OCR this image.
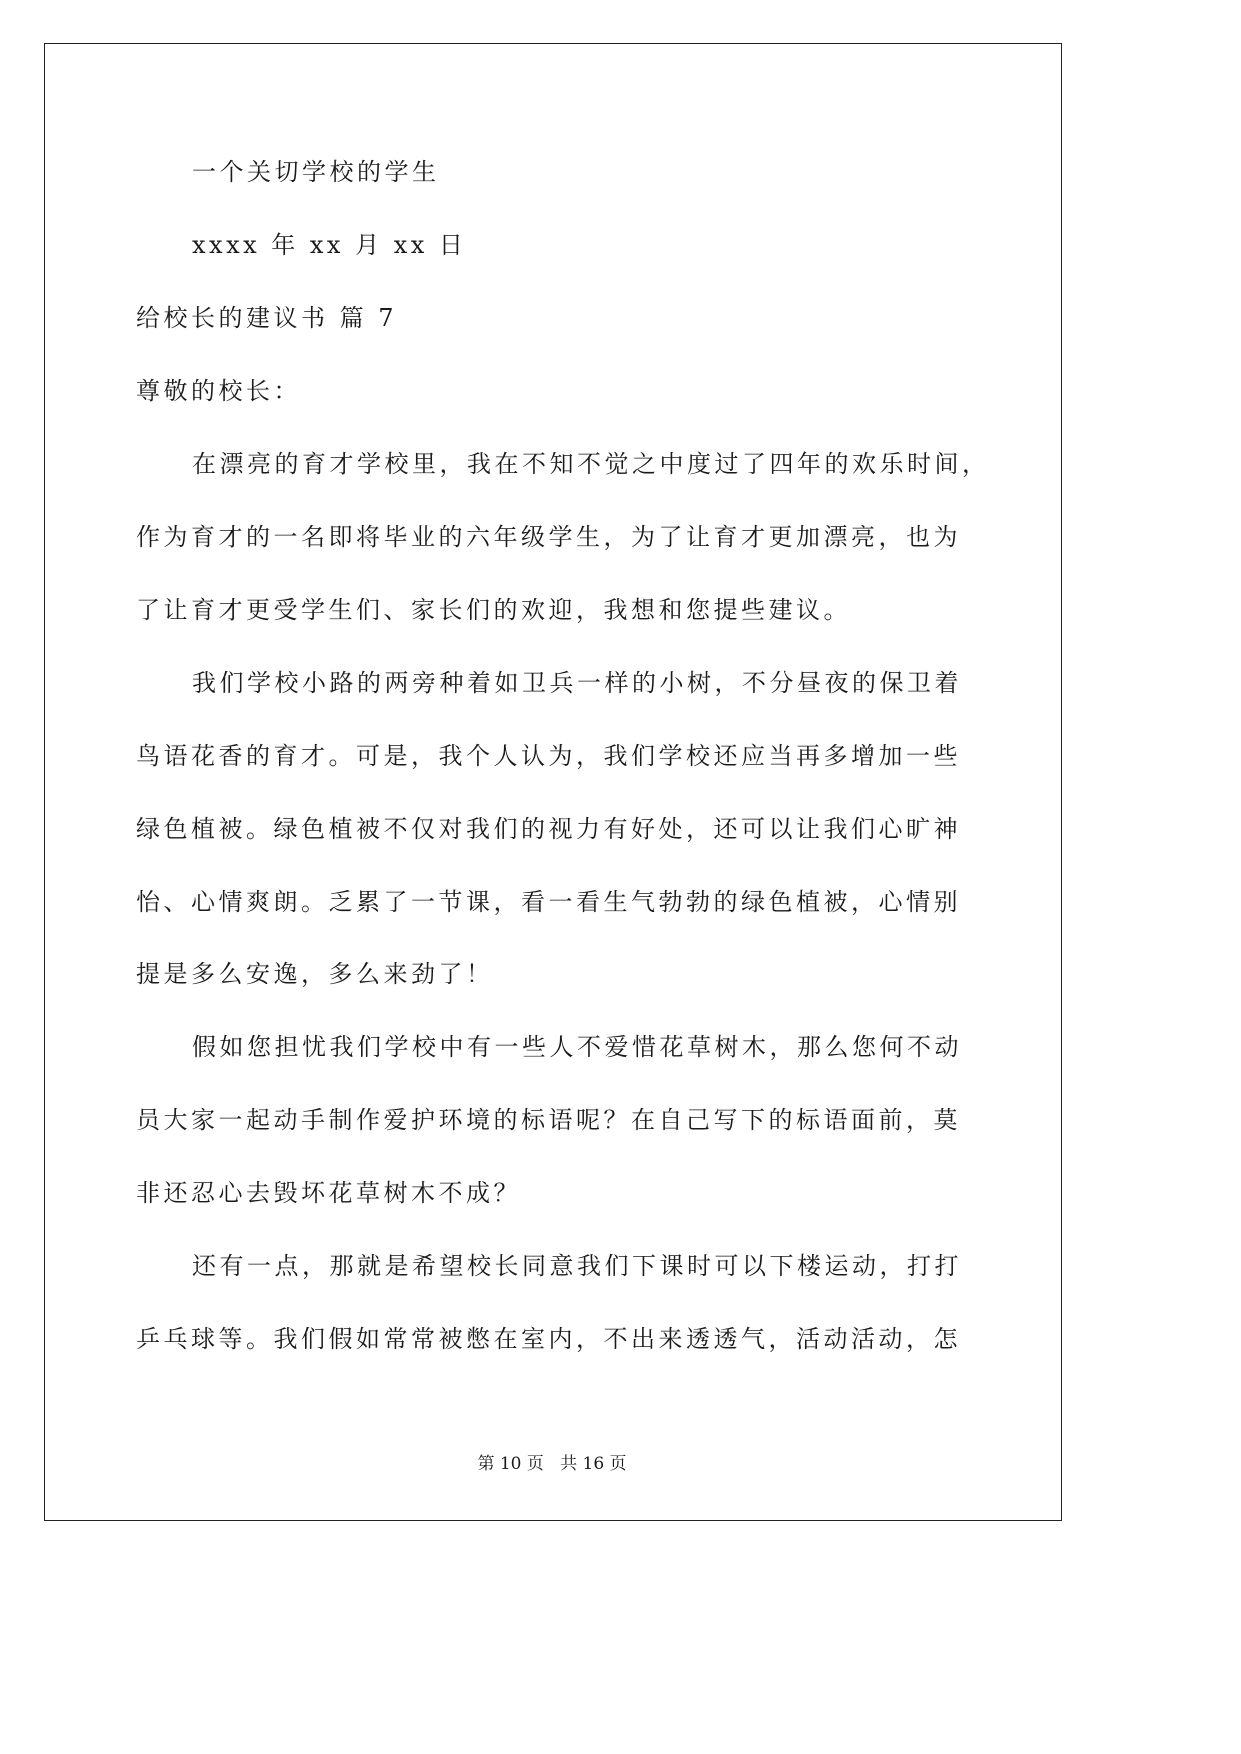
一个关切学校的学生

xxxx 年 xx 月 xx 日

给校长的建议书 篇 7

尊敬的校长：

在漂亮的育才学校里，我在不知不觉之中度过了四年的欢乐时间，

作为育才的一名即将毕业的六年级学生，为了让育才更加漂亮，也为

了让育才更受学生们、家长们的欢迎，我想和您提些建议。

我们学校小路的两旁种着如卫兵一样的小树，不分昼夜的保卫着

鸟语花香的育才。可是，我个人认为，我们学校还应当再多增加一些

绿色植被。绿色植被不仅对我们的视力有好处，还可以让我们心旷神

怡、心情爽朗。乏累了一节课，看一看生气勃勃的绿色植被，心情别

提是多么安逸，多么来劲了！

假如您担忧我们学校中有一些人不爱惜花草树木，那么您何不动

员大家一起动手制作爱护环境的标语呢？在自己写下的标语面前，莫

非还忍心去毁坏花草树木不成？

还有一点，那就是希望校长同意我们下课时可以下楼运动，打打

乒乓球等。我们假如常常被憋在室内，不出来透透气，活动活动，怎

第 10 页   共 16 页
